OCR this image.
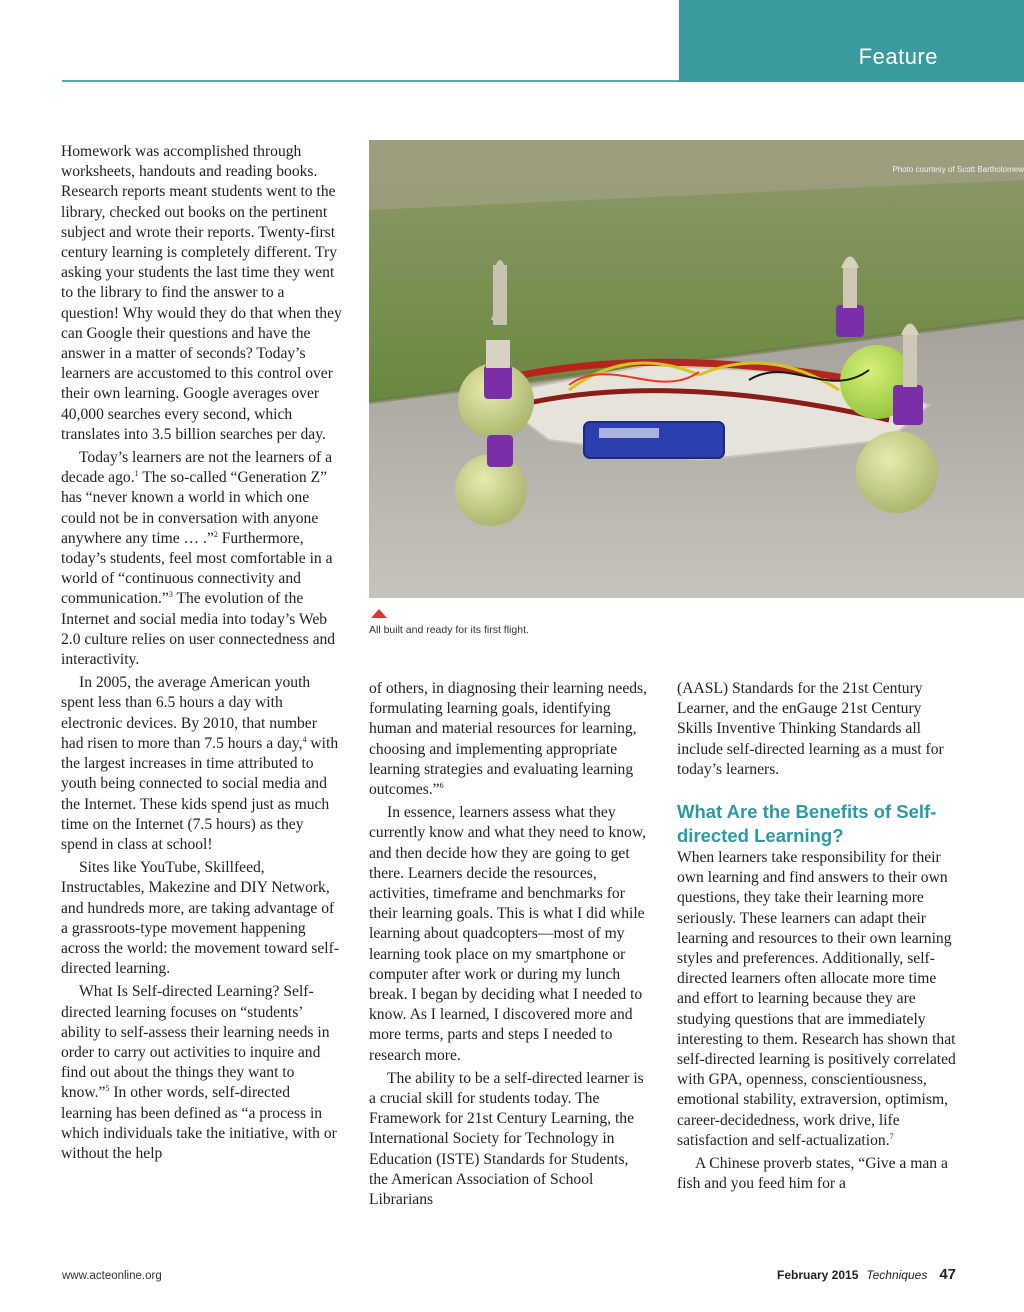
Feature

Homework was accomplished through worksheets, handouts and reading books. Research reports meant students went to the library, checked out books on the pertinent subject and wrote their reports. Twenty-first century learning is completely different. Try asking your students the last time they went to the library to find the answer to a question! Why would they do that when they can Google their questions and have the answer in a matter of seconds? Today’s learners are accustomed to this control over their own learning. Google averages over 40,000 searches every second, which translates into 3.5 billion searches per day.

Today’s learners are not the learners of a decade ago.$^1$ The so-called “Generation Z” has “never known a world in which one could not be in conversation with anyone anywhere any time … .”$^2$ Furthermore, today’s students, feel most comfortable in a world of “continuous connectivity and communication.”$^3$ The evolution of the Internet and social media into today’s Web 2.0 culture relies on user connectedness and interactivity.

In 2005, the average American youth spent less than 6.5 hours a day with electronic devices. By 2010, that number had risen to more than 7.5 hours a day,$^4$ with the largest increases in time attributed to youth being connected to social media and the Internet. These kids spend just as much time on the Internet (7.5 hours) as they spend in class at school!

Sites like YouTube, Skillfeed, Instructables, Makezine and DIY Network, and hundreds more, are taking advantage of a grassroots-type movement happening across the world: the movement toward self-directed learning.

What Is Self-directed Learning? Self-directed learning focuses on “students’ ability to self-assess their learning needs in order to carry out activities to inquire and find out about the things they want to know.”$^5$ In other words, self-directed learning has been defined as “a process in which individuals take the initiative, with or without the help

Photo courtesy of Scott Bartholomew
All built and ready for its first flight.

of others, in diagnosing their learning needs, formulating learning goals, identifying human and material resources for learning, choosing and implementing appropriate learning strategies and evaluating learning outcomes.”$^6$

In essence, learners assess what they currently know and what they need to know, and then decide how they are going to get there. Learners decide the resources, activities, timeframe and benchmarks for their learning goals. This is what I did while learning about quadcopters—most of my learning took place on my smartphone or computer after work or during my lunch break. I began by deciding what I needed to know. As I learned, I discovered more and more terms, parts and steps I needed to research more.

The ability to be a self-directed learner is a crucial skill for students today. The Framework for 21st Century Learning, the International Society for Technology in Education (ISTE) Standards for Students, the American Association of School Librarians

(AASL) Standards for the 21st Century Learner, and the enGauge 21st Century Skills Inventive Thinking Standards all include self-directed learning as a must for today’s learners.

What Are the Benefits of Self-directed Learning?

When learners take responsibility for their own learning and find answers to their own questions, they take their learning more seriously. These learners can adapt their learning and resources to their own learning styles and preferences. Additionally, self-directed learners often allocate more time and effort to learning because they are studying questions that are immediately interesting to them. Research has shown that self-directed learning is positively correlated with GPA, openness, conscientiousness, emotional stability, extraversion, optimism, career-decidedness, work drive, life satisfaction and self-actualization.$^7$

A Chinese proverb states, “Give a man a fish and you feed him for a

www.acteonline.org	February 2015 Techniques 47
